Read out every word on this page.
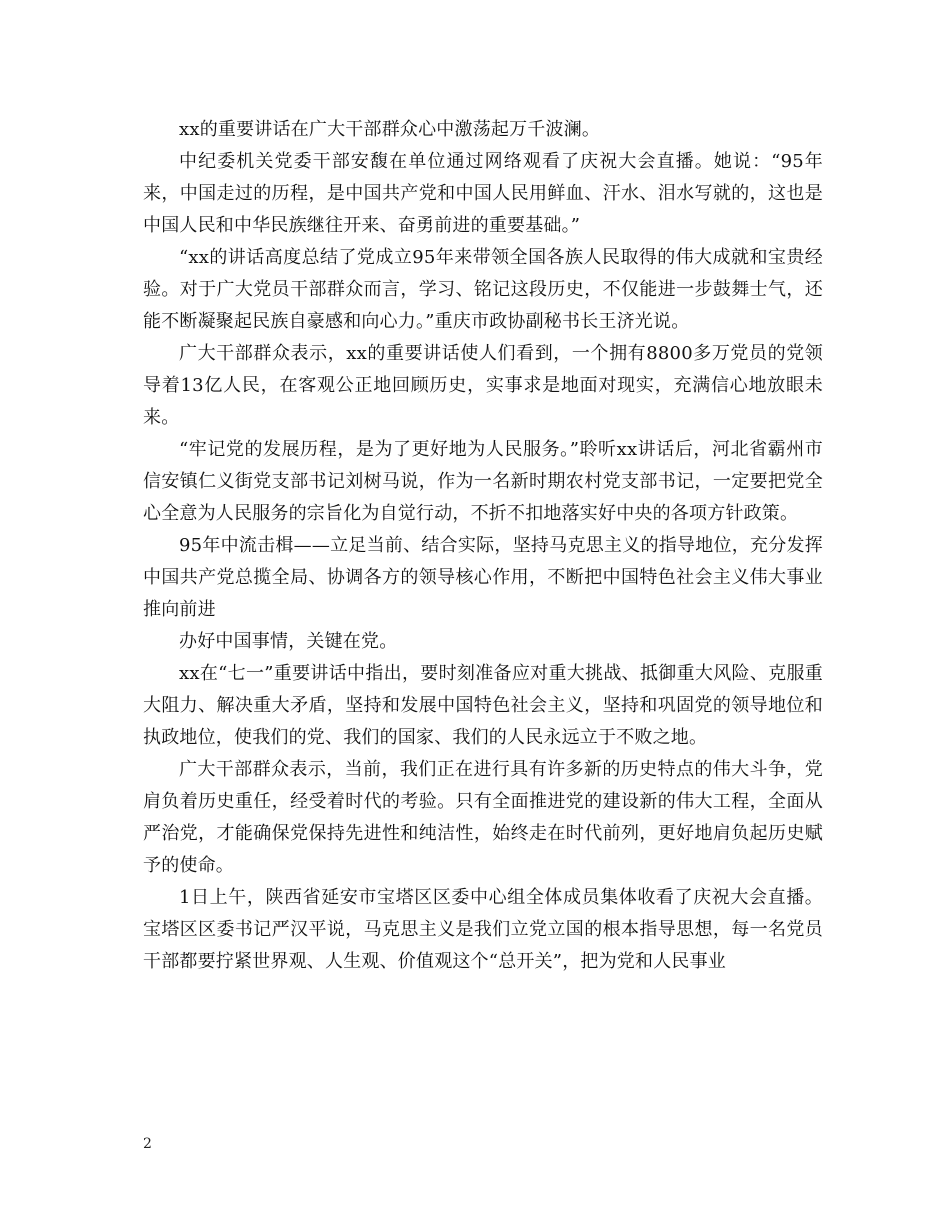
xx的重要讲话在广大干部群众心中激荡起万千波澜。

中纪委机关党委干部安馥在单位通过网络观看了庆祝大会直播。她说：“95年来，中国走过的历程，是中国共产党和中国人民用鲜血、汗水、泪水写就的，这也是中国人民和中华民族继往开来、奋勇前进的重要基础。”

“xx的讲话高度总结了党成立95年来带领全国各族人民取得的伟大成就和宝贵经验。对于广大党员干部群众而言，学习、铭记这段历史，不仅能进一步鼓舞士气，还能不断凝聚起民族自豪感和向心力。”重庆市政协副秘书长王济光说。

广大干部群众表示，xx的重要讲话使人们看到，一个拥有8800多万党员的党领导着13亿人民，在客观公正地回顾历史，实事求是地面对现实，充满信心地放眼未来。

“牢记党的发展历程，是为了更好地为人民服务。”聆听xx讲话后，河北省霸州市信安镇仁义街党支部书记刘树马说，作为一名新时期农村党支部书记，一定要把党全心全意为人民服务的宗旨化为自觉行动，不折不扣地落实好中央的各项方针政策。

95年中流击楫——立足当前、结合实际，坚持马克思主义的指导地位，充分发挥中国共产党总揽全局、协调各方的领导核心作用，不断把中国特色社会主义伟大事业推向前进

办好中国事情，关键在党。

xx在“七一”重要讲话中指出，要时刻准备应对重大挑战、抵御重大风险、克服重大阻力、解决重大矛盾，坚持和发展中国特色社会主义，坚持和巩固党的领导地位和执政地位，使我们的党、我们的国家、我们的人民永远立于不败之地。

广大干部群众表示，当前，我们正在进行具有许多新的历史特点的伟大斗争，党肩负着历史重任，经受着时代的考验。只有全面推进党的建设新的伟大工程，全面从严治党，才能确保党保持先进性和纯洁性，始终走在时代前列，更好地肩负起历史赋予的使命。

1日上午，陕西省延安市宝塔区区委中心组全体成员集体收看了庆祝大会直播。宝塔区区委书记严汉平说，马克思主义是我们立党立国的根本指导思想，每一名党员干部都要拧紧世界观、人生观、价值观这个“总开关”，把为党和人民事业

2
